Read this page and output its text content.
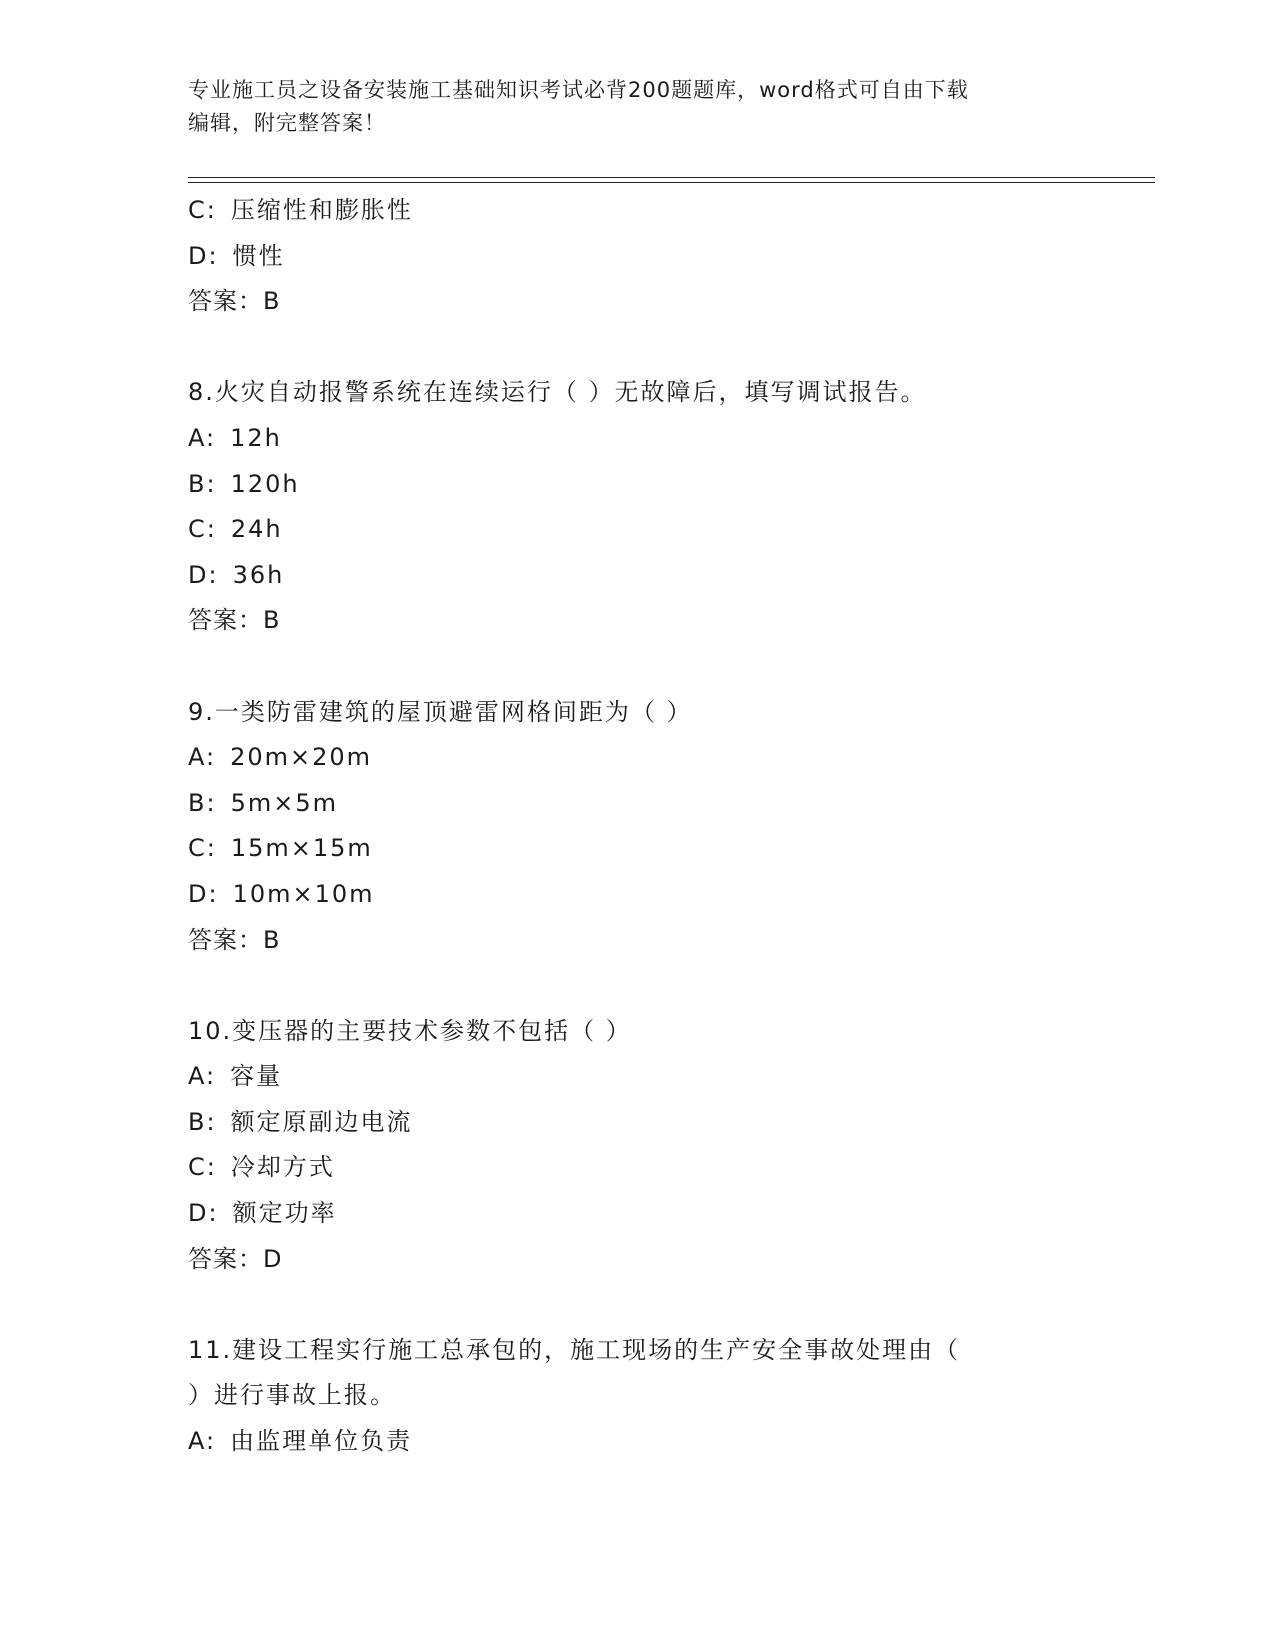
专业施工员之设备安装施工基础知识考试必背200题题库，word格式可自由下载
编辑，附完整答案！
C: 压缩性和膨胀性
D: 惯性
答案：B
8.火灾自动报警系统在连续运行（ ）无故障后，填写调试报告。
A: 12h
B: 120h
C: 24h
D: 36h
答案：B
9.一类防雷建筑的屋顶避雷网格间距为（ ）
A: 20m×20m
B: 5m×5m
C: 15m×15m
D: 10m×10m
答案：B
10.变压器的主要技术参数不包括（ ）
A: 容量
B: 额定原副边电流
C: 冷却方式
D: 额定功率
答案：D
11.建设工程实行施工总承包的，施工现场的生产安全事故处理由（
）进行事故上报。
A: 由监理单位负责
